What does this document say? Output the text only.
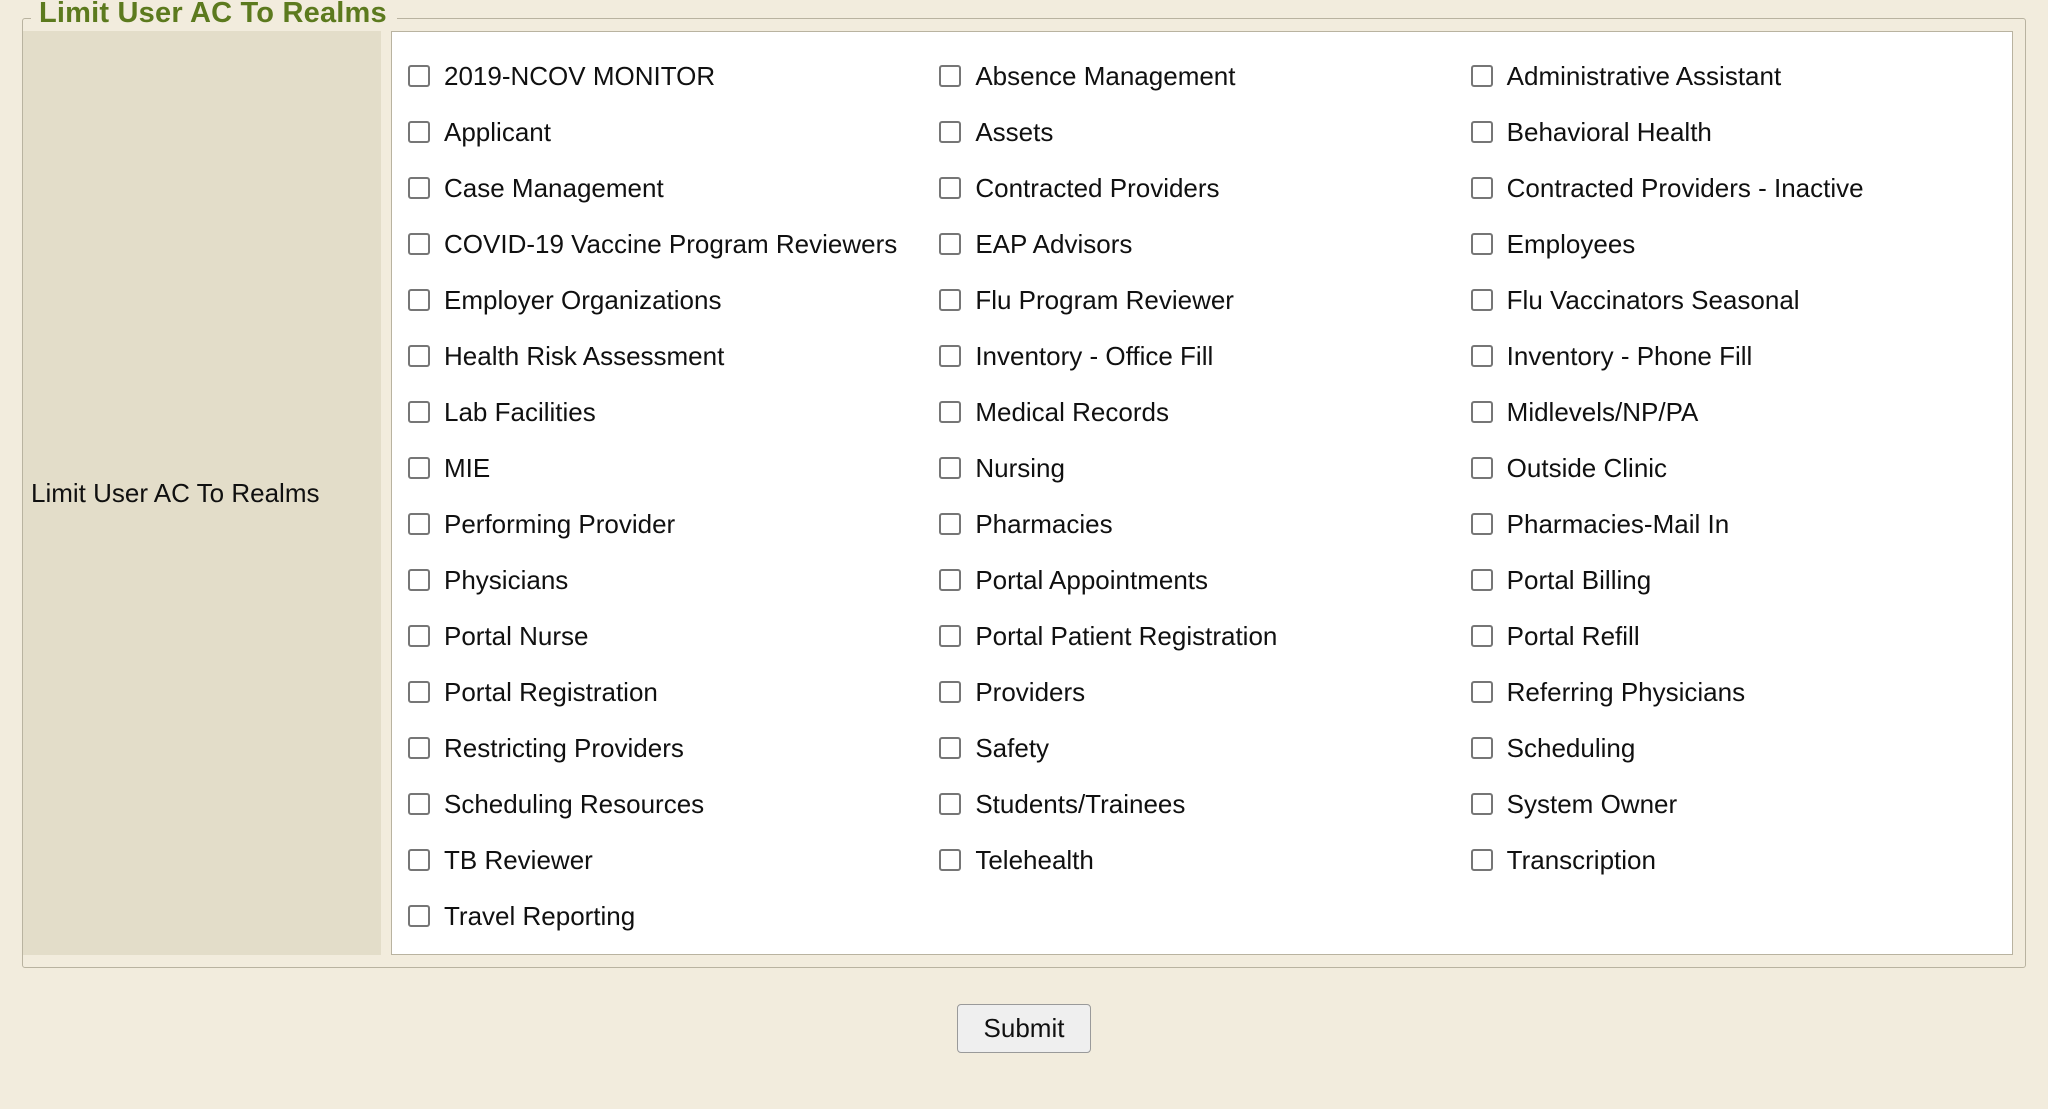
Limit User AC To Realms
Limit User AC To Realms
2019-NCOV MONITOR	Absence Management	Administrative Assistant
Applicant	Assets	Behavioral Health
Case Management	Contracted Providers	Contracted Providers - Inactive
COVID-19 Vaccine Program Reviewers	EAP Advisors	Employees
Employer Organizations	Flu Program Reviewer	Flu Vaccinators Seasonal
Health Risk Assessment	Inventory - Office Fill	Inventory - Phone Fill
Lab Facilities	Medical Records	Midlevels/NP/PA
MIE	Nursing	Outside Clinic
Performing Provider	Pharmacies	Pharmacies-Mail In
Physicians	Portal Appointments	Portal Billing
Portal Nurse	Portal Patient Registration	Portal Refill
Portal Registration	Providers	Referring Physicians
Restricting Providers	Safety	Scheduling
Scheduling Resources	Students/Trainees	System Owner
TB Reviewer	Telehealth	Transcription
Travel Reporting
Submit
